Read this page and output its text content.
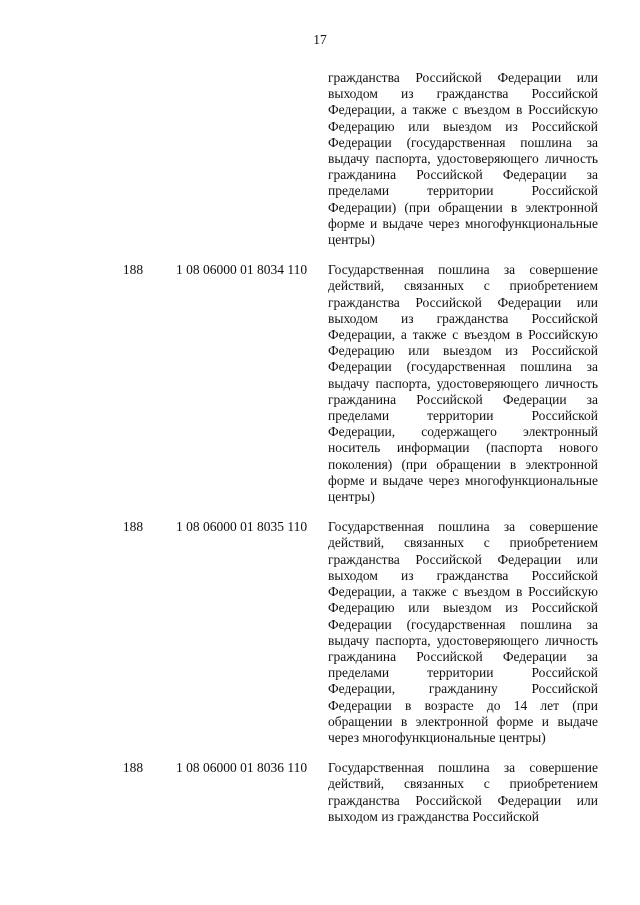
17
гражданства Российской Федерации или выходом из гражданства Российской Федерации, а также с въездом в Российскую Федерацию или выездом из Российской Федерации (государственная пошлина за выдачу паспорта, удостоверяющего личность гражданина Российской Федерации за пределами территории Российской Федерации) (при обращении в электронной форме и выдаче через многофункциональные центры)
188	1 08 06000 01 8034 110	Государственная пошлина за совершение действий, связанных с приобретением гражданства Российской Федерации или выходом из гражданства Российской Федерации, а также с въездом в Российскую Федерацию или выездом из Российской Федерации (государственная пошлина за выдачу паспорта, удостоверяющего личность гражданина Российской Федерации за пределами территории Российской Федерации, содержащего электронный носитель информации (паспорта нового поколения) (при обращении в электронной форме и выдаче через многофункциональные центры)
188	1 08 06000 01 8035 110	Государственная пошлина за совершение действий, связанных с приобретением гражданства Российской Федерации или выходом из гражданства Российской Федерации, а также с въездом в Российскую Федерацию или выездом из Российской Федерации (государственная пошлина за выдачу паспорта, удостоверяющего личность гражданина Российской Федерации за пределами территории Российской Федерации, гражданину Российской Федерации в возрасте до 14 лет (при обращении в электронной форме и выдаче через многофункциональные центры)
188	1 08 06000 01 8036 110	Государственная пошлина за совершение действий, связанных с приобретением гражданства Российской Федерации или выходом из гражданства Российской
